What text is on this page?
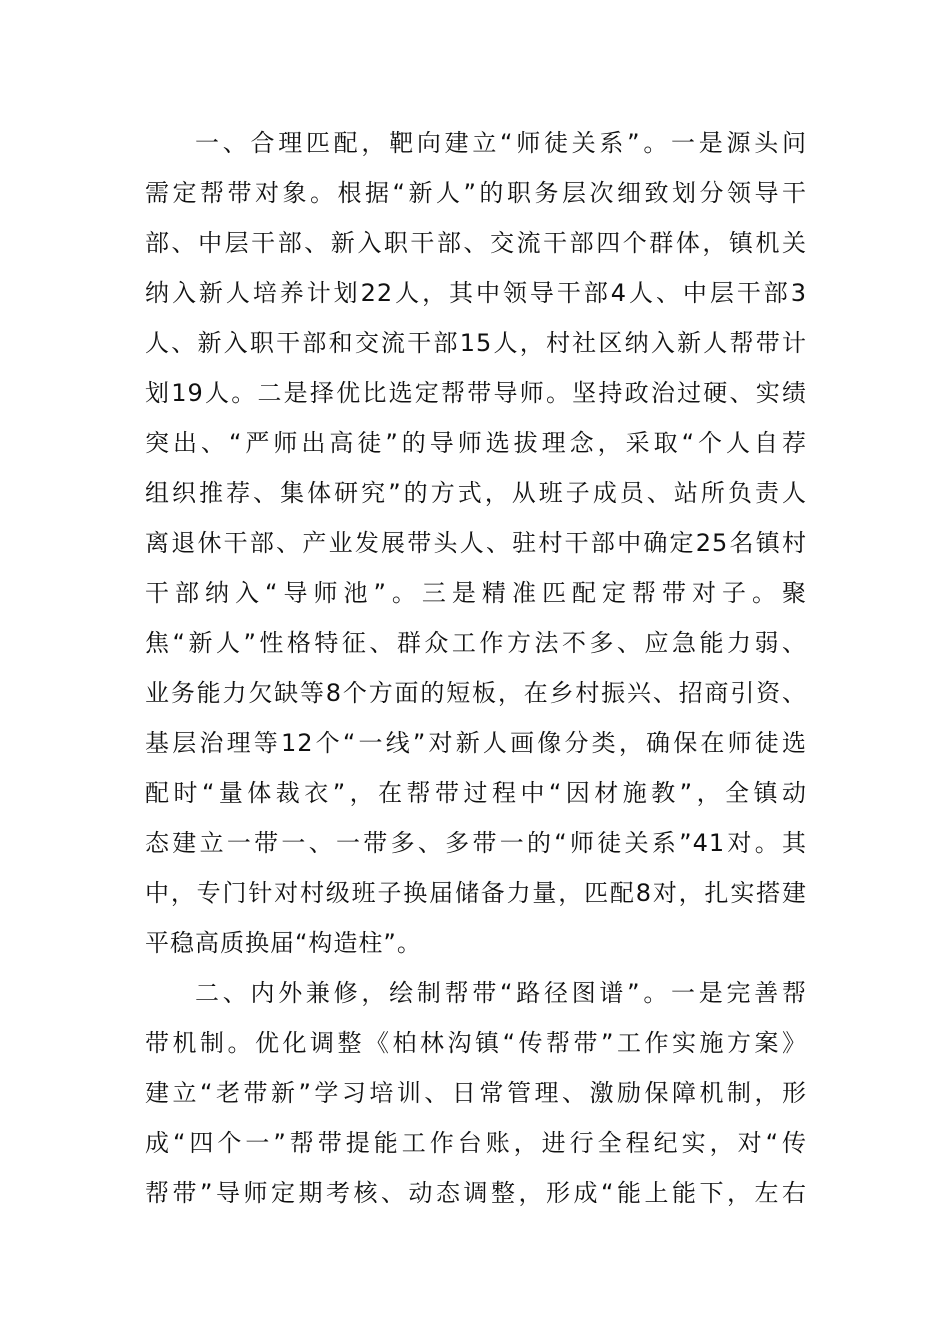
一、合理匹配，靶向建立“师徒关系”。一是源头问
需定帮带对象。根据“新人”的职务层次细致划分领导干
部、中层干部、新入职干部、交流干部四个群体，镇机关
纳入新人培养计划22人，其中领导干部4人、中层干部3
人、新入职干部和交流干部15人，村社区纳入新人帮带计
划19人。二是择优比选定帮带导师。坚持政治过硬、实绩
突出、“严师出高徒”的导师选拔理念，采取“个人自荐
组织推荐、集体研究”的方式，从班子成员、站所负责人
离退休干部、产业发展带头人、驻村干部中确定25名镇村
干部纳入“导师池”。三是精准匹配定帮带对子。聚
焦“新人”性格特征、群众工作方法不多、应急能力弱、
业务能力欠缺等8个方面的短板，在乡村振兴、招商引资、
基层治理等12个“一线”对新人画像分类，确保在师徒选
配时“量体裁衣”，在帮带过程中“因材施教”，全镇动
态建立一带一、一带多、多带一的“师徒关系”41对。其
中，专门针对村级班子换届储备力量，匹配8对，扎实搭建
平稳高质换届“构造柱”。
二、内外兼修，绘制帮带“路径图谱”。一是完善帮
带机制。优化调整《柏林沟镇“传帮带”工作实施方案》
建立“老带新”学习培训、日常管理、激励保障机制，形
成“四个一”帮带提能工作台账，进行全程纪实，对“传
帮带”导师定期考核、动态调整，形成“能上能下，左右
